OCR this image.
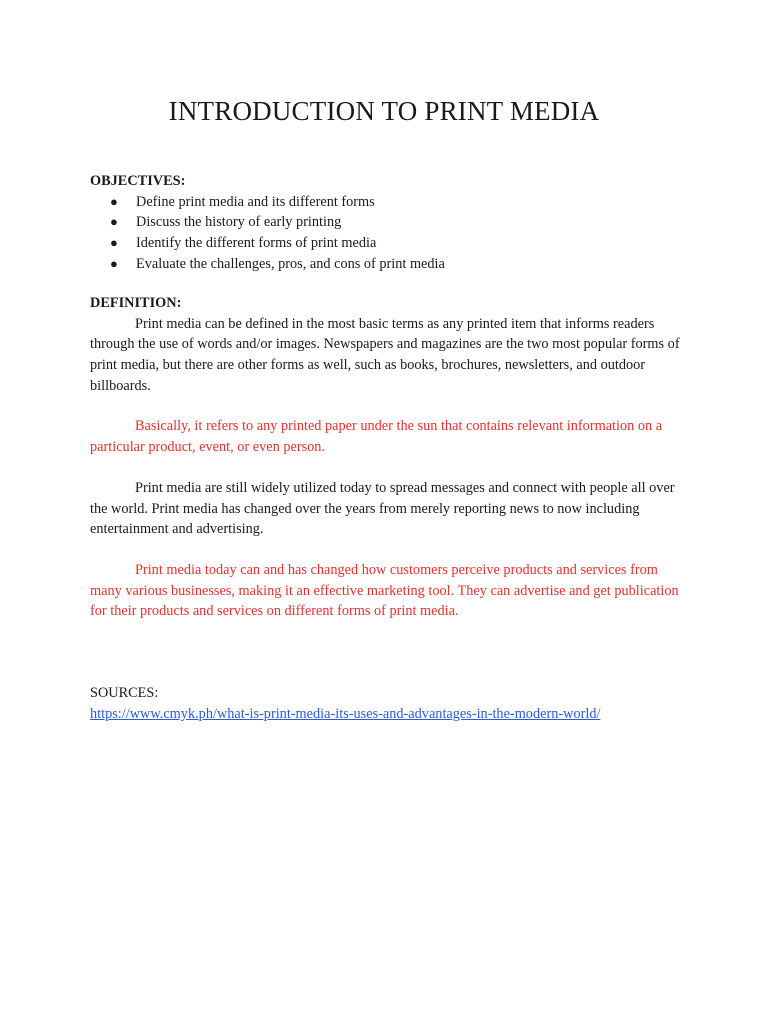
INTRODUCTION TO PRINT MEDIA

OBJECTIVES:

● Define print media and its different forms
● Discuss the history of early printing
● Identify the different forms of print media
● Evaluate the challenges, pros, and cons of print media

DEFINITION:

Print media can be defined in the most basic terms as any printed item that informs readers through the use of words and/or images. Newspapers and magazines are the two most popular forms of print media, but there are other forms as well, such as books, brochures, newsletters, and outdoor billboards.

Basically, it refers to any printed paper under the sun that contains relevant information on a particular product, event, or even person.

Print media are still widely utilized today to spread messages and connect with people all over the world. Print media has changed over the years from merely reporting news to now including entertainment and advertising.

Print media today can and has changed how customers perceive products and services from many various businesses, making it an effective marketing tool. They can advertise and get publication for their products and services on different forms of print media.

SOURCES:

https://www.cmyk.ph/what-is-print-media-its-uses-and-advantages-in-the-modern-world/
